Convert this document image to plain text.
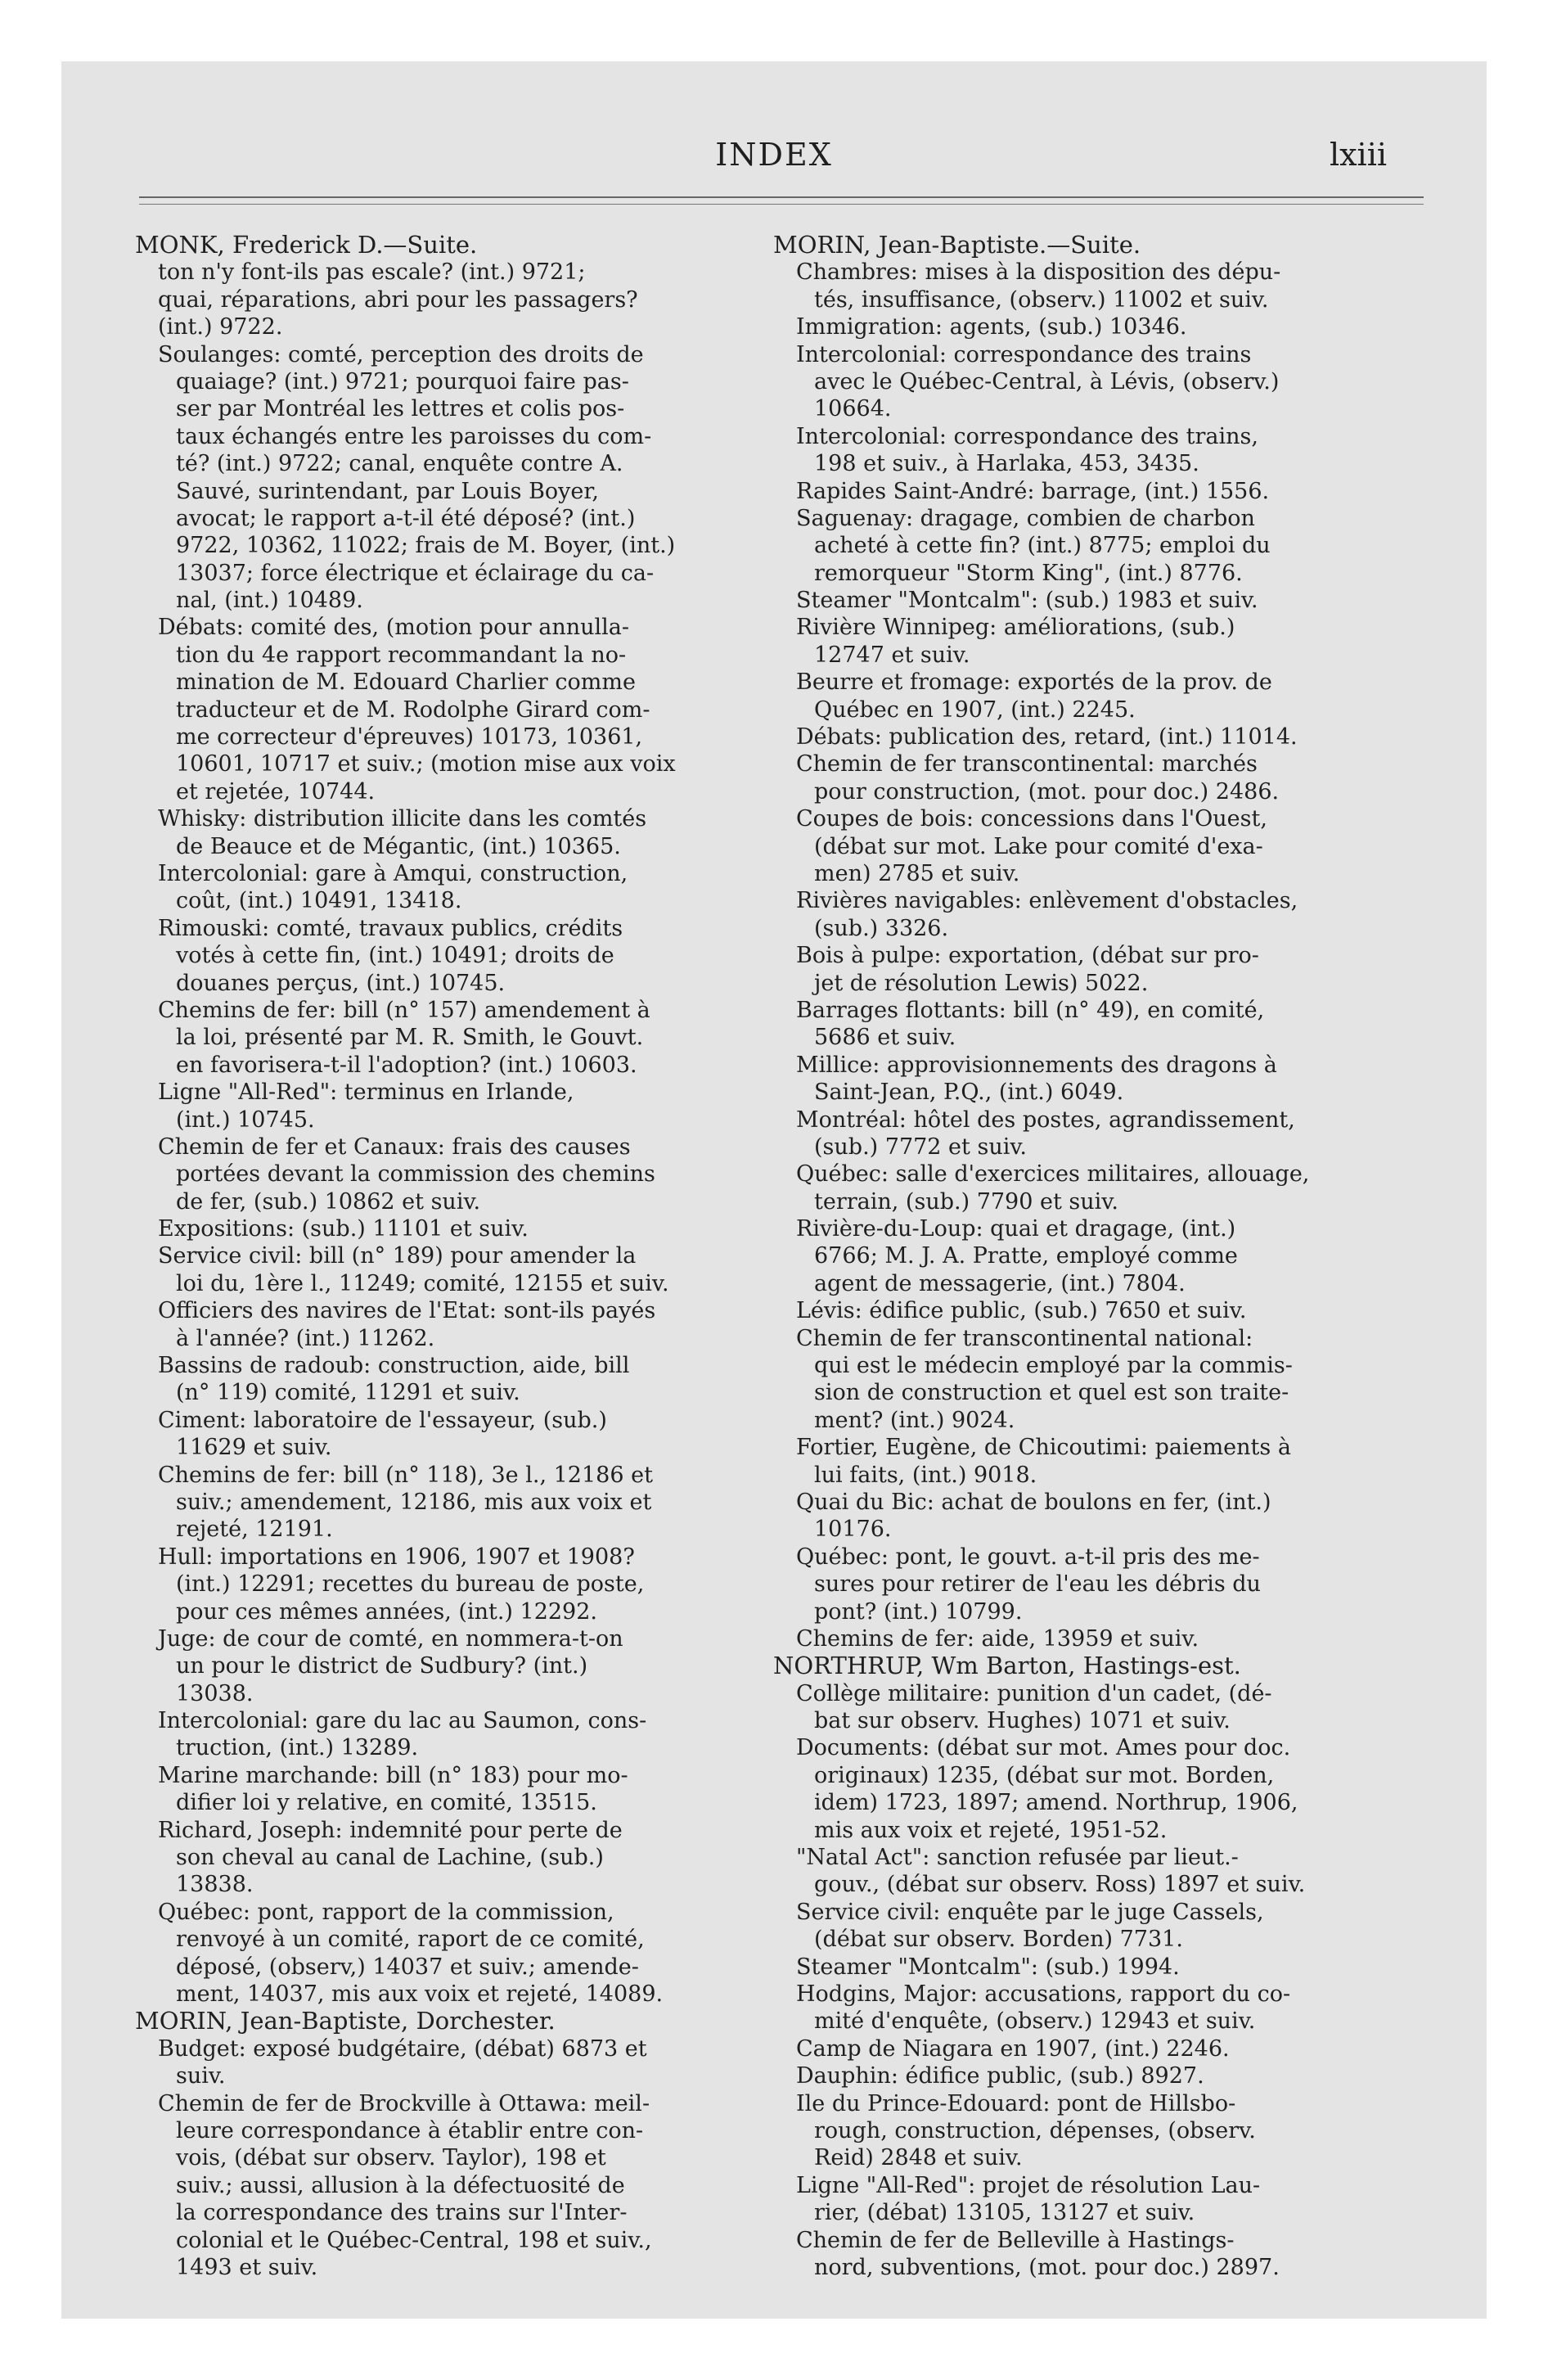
INDEX	lxiii
MONK, Frederick D.—Suite.
ton n'y font-ils pas escale? (int.) 9721;
quai, réparations, abri pour les passagers?
(int.) 9722.
Soulanges: comté, perception des droits de
quaiage? (int.) 9721; pourquoi faire pas-
ser par Montréal les lettres et colis pos-
taux échangés entre les paroisses du com-
té? (int.) 9722; canal, enquête contre A.
Sauvé, surintendant, par Louis Boyer,
avocat; le rapport a-t-il été déposé? (int.)
9722, 10362, 11022; frais de M. Boyer, (int.)
13037; force électrique et éclairage du ca-
nal, (int.) 10489.
Débats: comité des, (motion pour annulla-
tion du 4e rapport recommandant la no-
mination de M. Edouard Charlier comme
traducteur et de M. Rodolphe Girard com-
me correcteur d'épreuves) 10173, 10361,
10601, 10717 et suiv.; (motion mise aux voix
et rejetée, 10744.
Whisky: distribution illicite dans les comtés
de Beauce et de Mégantic, (int.) 10365.
Intercolonial: gare à Amqui, construction,
coût, (int.) 10491, 13418.
Rimouski: comté, travaux publics, crédits
votés à cette fin, (int.) 10491; droits de
douanes perçus, (int.) 10745.
Chemins de fer: bill (n° 157) amendement à
la loi, présenté par M. R. Smith, le Gouvt.
en favorisera-t-il l'adoption? (int.) 10603.
Ligne "All-Red": terminus en Irlande,
(int.) 10745.
Chemin de fer et Canaux: frais des causes
portées devant la commission des chemins
de fer, (sub.) 10862 et suiv.
Expositions: (sub.) 11101 et suiv.
Service civil: bill (n° 189) pour amender la
loi du, 1ère l., 11249; comité, 12155 et suiv.
Officiers des navires de l'Etat: sont-ils payés
à l'année? (int.) 11262.
Bassins de radoub: construction, aide, bill
(n° 119) comité, 11291 et suiv.
Ciment: laboratoire de l'essayeur, (sub.)
11629 et suiv.
Chemins de fer: bill (n° 118), 3e l., 12186 et
suiv.; amendement, 12186, mis aux voix et
rejeté, 12191.
Hull: importations en 1906, 1907 et 1908?
(int.) 12291; recettes du bureau de poste,
pour ces mêmes années, (int.) 12292.
Juge: de cour de comté, en nommera-t-on
un pour le district de Sudbury? (int.)
13038.
Intercolonial: gare du lac au Saumon, cons-
truction, (int.) 13289.
Marine marchande: bill (n° 183) pour mo-
difier loi y relative, en comité, 13515.
Richard, Joseph: indemnité pour perte de
son cheval au canal de Lachine, (sub.)
13838.
Québec: pont, rapport de la commission,
renvoyé à un comité, raport de ce comité,
déposé, (observ,) 14037 et suiv.; amende-
ment, 14037, mis aux voix et rejeté, 14089.
MORIN, Jean-Baptiste, Dorchester.
Budget: exposé budgétaire, (débat) 6873 et
suiv.
Chemin de fer de Brockville à Ottawa: meil-
leure correspondance à établir entre con-
vois, (débat sur observ. Taylor), 198 et
suiv.; aussi, allusion à la défectuosité de
la correspondance des trains sur l'Inter-
colonial et le Québec-Central, 198 et suiv.,
1493 et suiv.
MORIN, Jean-Baptiste.—Suite.
Chambres: mises à la disposition des dépu-
tés, insuffisance, (observ.) 11002 et suiv.
Immigration: agents, (sub.) 10346.
Intercolonial: correspondance des trains
avec le Québec-Central, à Lévis, (observ.)
10664.
Intercolonial: correspondance des trains,
198 et suiv., à Harlaka, 453, 3435.
Rapides Saint-André: barrage, (int.) 1556.
Saguenay: dragage, combien de charbon
acheté à cette fin? (int.) 8775; emploi du
remorqueur "Storm King", (int.) 8776.
Steamer "Montcalm": (sub.) 1983 et suiv.
Rivière Winnipeg: améliorations, (sub.)
12747 et suiv.
Beurre et fromage: exportés de la prov. de
Québec en 1907, (int.) 2245.
Débats: publication des, retard, (int.) 11014.
Chemin de fer transcontinental: marchés
pour construction, (mot. pour doc.) 2486.
Coupes de bois: concessions dans l'Ouest,
(débat sur mot. Lake pour comité d'exa-
men) 2785 et suiv.
Rivières navigables: enlèvement d'obstacles,
(sub.) 3326.
Bois à pulpe: exportation, (débat sur pro-
jet de résolution Lewis) 5022.
Barrages flottants: bill (n° 49), en comité,
5686 et suiv.
Millice: approvisionnements des dragons à
Saint-Jean, P.Q., (int.) 6049.
Montréal: hôtel des postes, agrandissement,
(sub.) 7772 et suiv.
Québec: salle d'exercices militaires, allouage,
terrain, (sub.) 7790 et suiv.
Rivière-du-Loup: quai et dragage, (int.)
6766; M. J. A. Pratte, employé comme
agent de messagerie, (int.) 7804.
Lévis: édifice public, (sub.) 7650 et suiv.
Chemin de fer transcontinental national:
qui est le médecin employé par la commis-
sion de construction et quel est son traite-
ment? (int.) 9024.
Fortier, Eugène, de Chicoutimi: paiements à
lui faits, (int.) 9018.
Quai du Bic: achat de boulons en fer, (int.)
10176.
Québec: pont, le gouvt. a-t-il pris des me-
sures pour retirer de l'eau les débris du
pont? (int.) 10799.
Chemins de fer: aide, 13959 et suiv.
NORTHRUP, Wm Barton, Hastings-est.
Collège militaire: punition d'un cadet, (dé-
bat sur observ. Hughes) 1071 et suiv.
Documents: (débat sur mot. Ames pour doc.
originaux) 1235, (débat sur mot. Borden,
idem) 1723, 1897; amend. Northrup, 1906,
mis aux voix et rejeté, 1951-52.
"Natal Act": sanction refusée par lieut.-
gouv., (débat sur observ. Ross) 1897 et suiv.
Service civil: enquête par le juge Cassels,
(débat sur observ. Borden) 7731.
Steamer "Montcalm": (sub.) 1994.
Hodgins, Major: accusations, rapport du co-
mité d'enquête, (observ.) 12943 et suiv.
Camp de Niagara en 1907, (int.) 2246.
Dauphin: édifice public, (sub.) 8927.
Ile du Prince-Edouard: pont de Hillsbo-
rough, construction, dépenses, (observ.
Reid) 2848 et suiv.
Ligne "All-Red": projet de résolution Lau-
rier, (débat) 13105, 13127 et suiv.
Chemin de fer de Belleville à Hastings-
nord, subventions, (mot. pour doc.) 2897.
